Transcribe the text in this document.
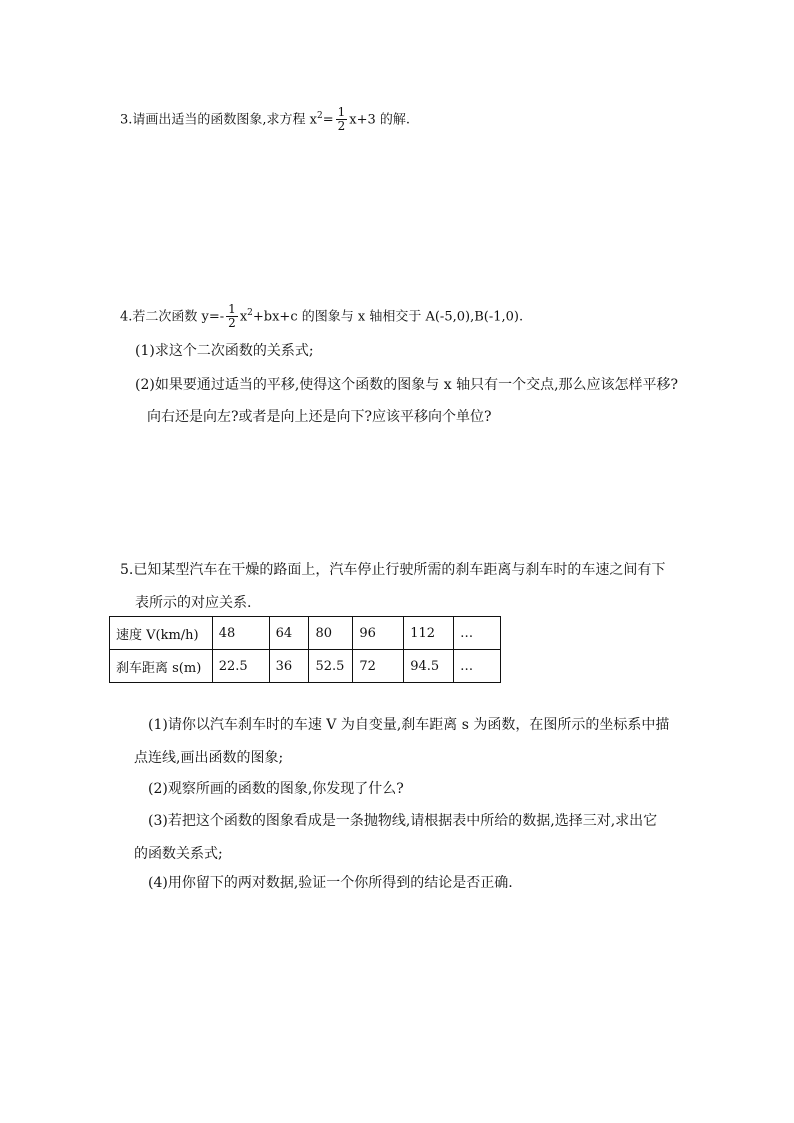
3.请画出适当的函数图象,求方程 $x^2= \frac{1}{2} x+3$ 的解.
4.若二次函数 $y=- \frac{1}{2} x^2+bx+c$ 的图象与 x 轴相交于 A(-5,0),B(-1,0).
(1)求这个二次函数的关系式;
(2)如果要通过适当的平移,使得这个函数的图象与 x 轴只有一个交点,那么应该怎样平移?
向右还是向左?或者是向上还是向下?应该平移向个单位?
5.已知某型汽车在干燥的路面上，汽车停止行驶所需的刹车距离与刹车时的车速之间有下
表所示的对应关系.
速度 V(km/h)	48	64	80	96	112	…
刹车距离 s(m)	22.5	36	52.5	72	94.5	…
(1)请你以汽车刹车时的车速 V 为自变量,刹车距离 s 为函数，在图所示的坐标系中描
点连线,画出函数的图象;
(2)观察所画的函数的图象,你发现了什么?
(3)若把这个函数的图象看成是一条抛物线,请根据表中所给的数据,选择三对,求出它
的函数关系式;
(4)用你留下的两对数据,验证一个你所得到的结论是否正确.
